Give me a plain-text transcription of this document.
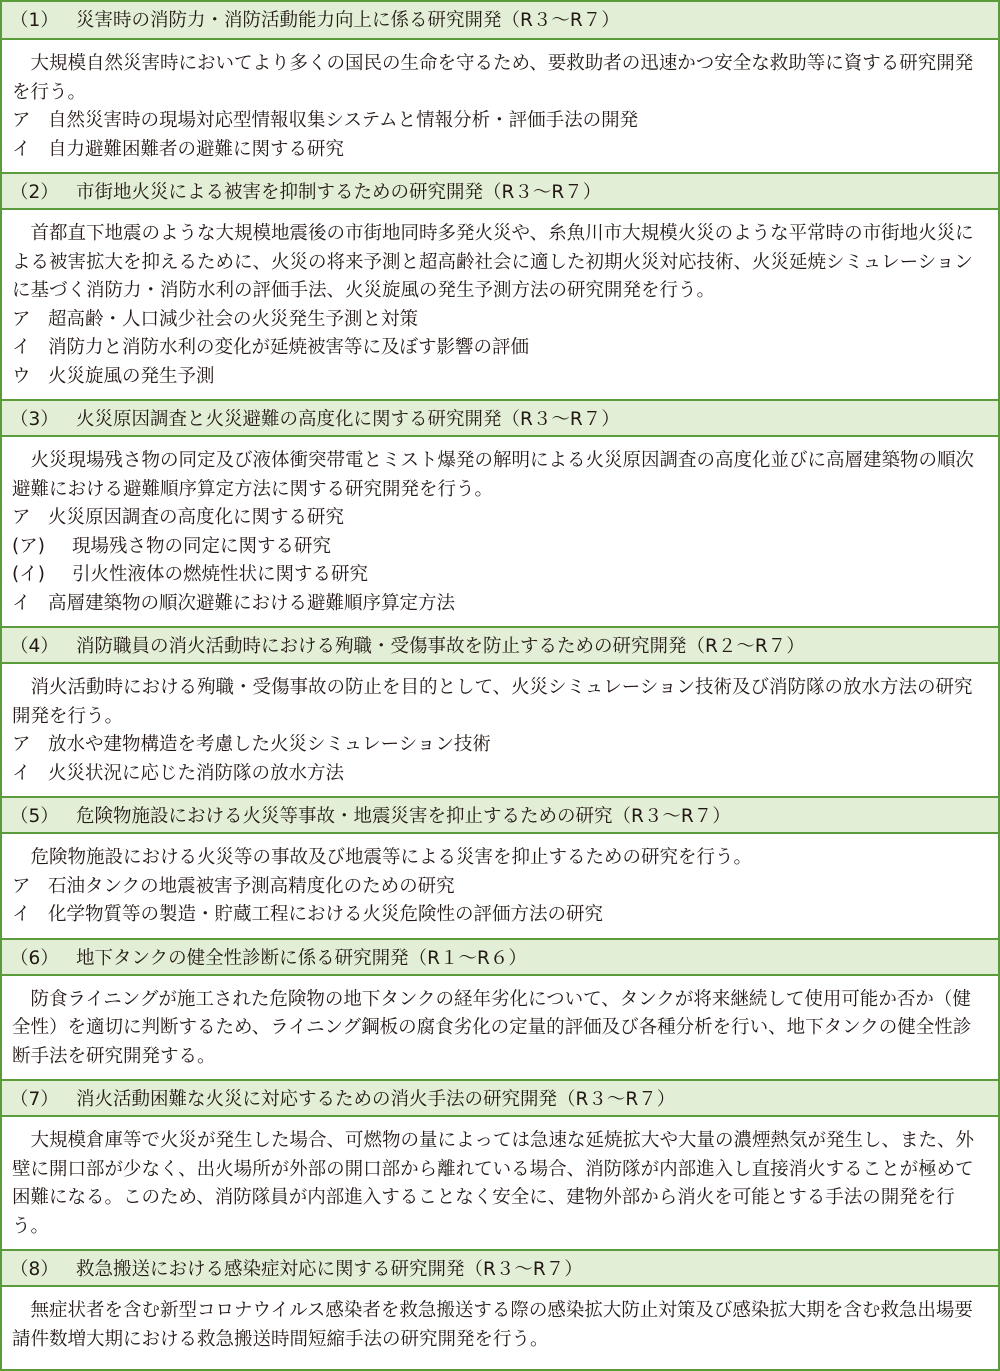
（1） 災害時の消防力・消防活動能力向上に係る研究開発（R３～R７）

大規模自然災害時においてより多くの国民の生命を守るため、要救助者の迅速かつ安全な救助等に資する研究開発を行う。

ア 自然災害時の現場対応型情報収集システムと情報分析・評価手法の開発
イ 自力避難困難者の避難に関する研究
（2） 市街地火災による被害を抑制するための研究開発（R３～R７）

首都直下地震のような大規模地震後の市街地同時多発火災や、糸魚川市大規模火災のような平常時の市街地火災による被害拡大を抑えるために、火災の将来予測と超高齢社会に適した初期火災対応技術、火災延焼シミュレーションに基づく消防力・消防水利の評価手法、火災旋風の発生予測方法の研究開発を行う。

ア 超高齢・人口減少社会の火災発生予測と対策
イ 消防力と消防水利の変化が延焼被害等に及ぼす影響の評価
ウ 火災旋風の発生予測
（3） 火災原因調査と火災避難の高度化に関する研究開発（R３～R７）

火災現場残さ物の同定及び液体衝突帯電とミスト爆発の解明による火災原因調査の高度化並びに高層建築物の順次避難における避難順序算定方法に関する研究開発を行う。

ア 火災原因調査の高度化に関する研究
(ア) 現場残さ物の同定に関する研究
(イ) 引火性液体の燃焼性状に関する研究
イ 高層建築物の順次避難における避難順序算定方法
（4） 消防職員の消火活動時における殉職・受傷事故を防止するための研究開発（R２～R７）

消火活動時における殉職・受傷事故の防止を目的として、火災シミュレーション技術及び消防隊の放水方法の研究開発を行う。

ア 放水や建物構造を考慮した火災シミュレーション技術
イ 火災状況に応じた消防隊の放水方法
（5） 危険物施設における火災等事故・地震災害を抑止するための研究（R３～R７）

危険物施設における火災等の事故及び地震等による災害を抑止するための研究を行う。

ア 石油タンクの地震被害予測高精度化のための研究
イ 化学物質等の製造・貯蔵工程における火災危険性の評価方法の研究
（6） 地下タンクの健全性診断に係る研究開発（R１～R６）

防食ライニングが施工された危険物の地下タンクの経年劣化について、タンクが将来継続して使用可能か否か（健全性）を適切に判断するため、ライニング鋼板の腐食劣化の定量的評価及び各種分析を行い、地下タンクの健全性診断手法を研究開発する。

（7） 消火活動困難な火災に対応するための消火手法の研究開発（R３～R７）

大規模倉庫等で火災が発生した場合、可燃物の量によっては急速な延焼拡大や大量の濃煙熱気が発生し、また、外壁に開口部が少なく、出火場所が外部の開口部から離れている場合、消防隊が内部進入し直接消火することが極めて困難になる。このため、消防隊員が内部進入することなく安全に、建物外部から消火を可能とする手法の開発を行う。

（8） 救急搬送における感染症対応に関する研究開発（R３～R７）

無症状者を含む新型コロナウイルス感染者を救急搬送する際の感染拡大防止対策及び感染拡大期を含む救急出場要請件数増大期における救急搬送時間短縮手法の研究開発を行う。
